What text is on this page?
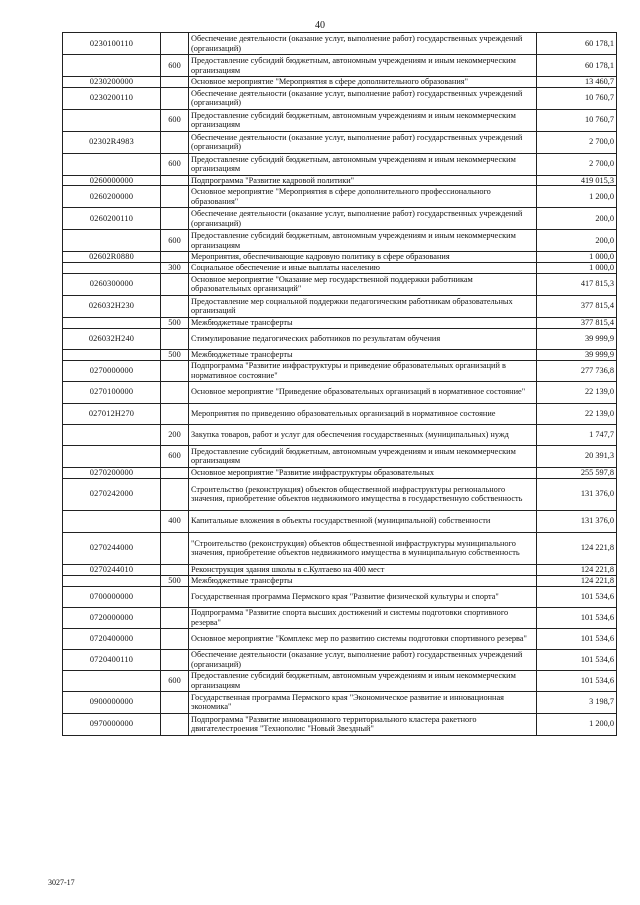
40
0230100110		Обеспечение деятельности (оказание услуг, выполнение работ) государственных учреждений (организаций)	60 178,1
	600	Предоставление субсидий бюджетным, автономным учреждениям и иным некоммерческим организациям	60 178,1
0230200000		Основное мероприятие "Мероприятия в сфере дополнительного образования"	13 460,7
0230200110		Обеспечение деятельности (оказание услуг, выполнение работ) государственных учреждений (организаций)	10 760,7
	600	Предоставление субсидий бюджетным, автономным учреждениям и иным некоммерческим организациям	10 760,7
02302R4983		Обеспечение деятельности (оказание услуг, выполнение работ) государственных учреждений (организаций)	2 700,0
	600	Предоставление субсидий бюджетным, автономным учреждениям и иным некоммерческим организациям	2 700,0
0260000000		Подпрограмма "Развитие кадровой политики"	419 015,3
0260200000		Основное мероприятие "Мероприятия в сфере дополнительного профессионального образования"	1 200,0
0260200110		Обеспечение деятельности (оказание услуг, выполнение работ) государственных учреждений (организаций)	200,0
	600	Предоставление субсидий бюджетным, автономным учреждениям и иным некоммерческим организациям	200,0
02602R0880		Мероприятия, обеспечивающие кадровую политику в сфере образования	1 000,0
	300	Социальное обеспечение и иные выплаты населению	1 000,0
0260300000		Основное мероприятие "Оказание мер государственной поддержки работникам образовательных организаций"	417 815,3
026032Н230		Предоставление мер социальной поддержки педагогическим работникам образовательных организаций	377 815,4
	500	Межбюджетные трансферты	377 815,4
026032Н240		Стимулирование педагогических работников по результатам обучения	39 999,9
	500	Межбюджетные трансферты	39 999,9
0270000000		Подпрограмма "Развитие инфраструктуры и приведение образовательных организаций в нормативное состояние"	277 736,8
0270100000		Основное мероприятие "Приведение образовательных организаций в нормативное состояние"	22 139,0
027012Н270		Мероприятия по приведению образовательных организаций в нормативное состояние	22 139,0
	200	Закупка товаров, работ и услуг для обеспечения государственных (муниципальных) нужд	1 747,7
	600	Предоставление субсидий бюджетным, автономным учреждениям и иным некоммерческим организациям	20 391,3
0270200000		Основное мероприятие "Развитие инфраструктуры образовательных	255 597,8
0270242000		Строительство (реконструкция) объектов общественной инфраструктуры регионального значения, приобретение объектов недвижимого имущества в государственную собственность	131 376,0
	400	Капитальные вложения в объекты государственной (муниципальной) собственности	131 376,0
0270244000		"Строительство (реконструкция) объектов общественной инфраструктуры муниципального значения, приобретение объектов недвижимого имущества в муниципальную собственность	124 221,8
0270244010		Реконструкция здания школы в с.Култаево на 400 мест	124 221,8
	500	Межбюджетные трансферты	124 221,8
0700000000		Государственная программа Пермского края "Развитие физической культуры и спорта"	101 534,6
0720000000		Подпрограмма "Развитие спорта высших достижений и системы подготовки спортивного резерва"	101 534,6
0720400000		Основное мероприятие "Комплекс мер по развитию системы подготовки спортивного резерва"	101 534,6
0720400110		Обеспечение деятельности (оказание услуг, выполнение работ) государственных учреждений (организаций)	101 534,6
	600	Предоставление субсидий бюджетным, автономным учреждениям и иным некоммерческим организациям	101 534,6
0900000000		Государственная программа Пермского края "Экономическое развитие и инновационная экономика"	3 198,7
0970000000		Подпрограмма "Развитие инновационного территориального кластера ракетного двигателестроения "Технополис "Новый Звездный"	1 200,0
3027-17
